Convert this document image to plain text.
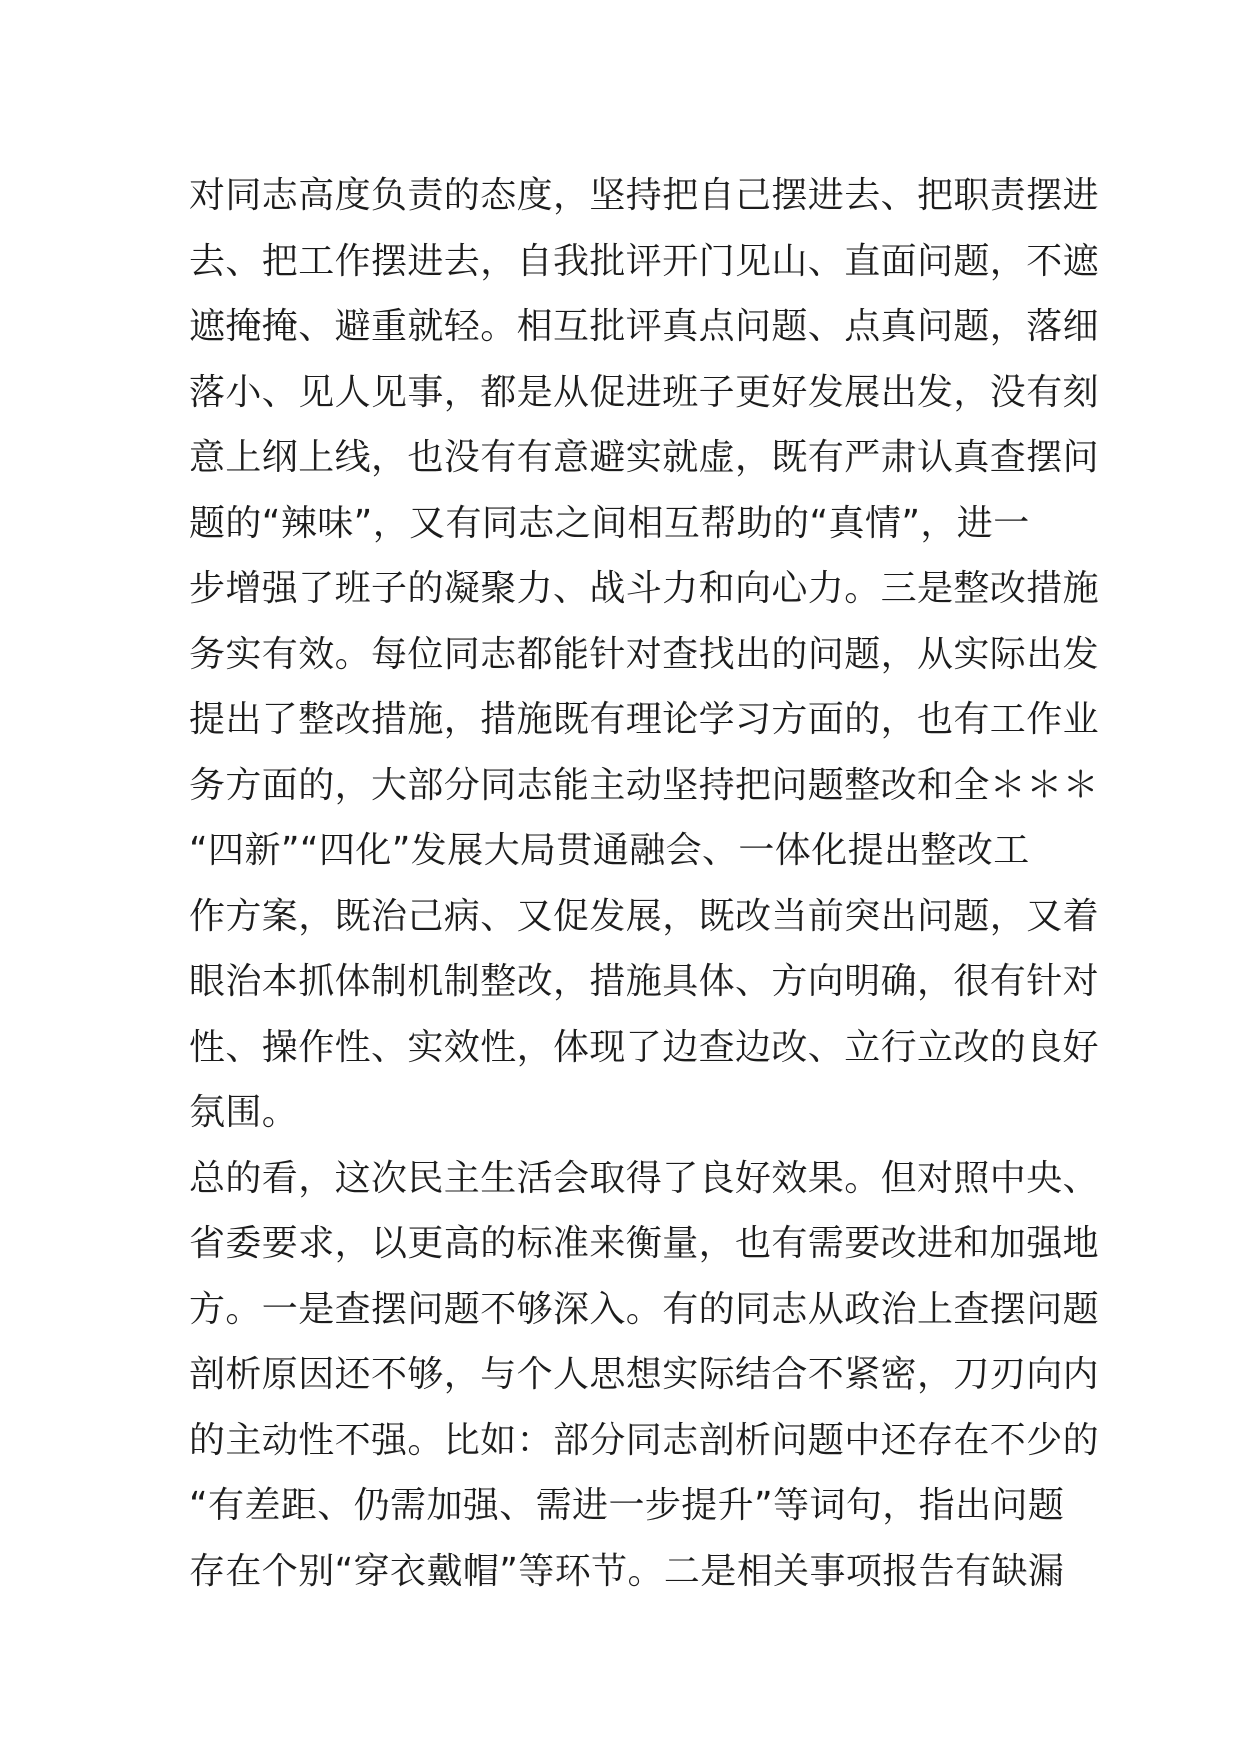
对同志高度负责的态度，坚持把自己摆进去、把职责摆进
去、把工作摆进去，自我批评开门见山、直面问题，不遮
遮掩掩、避重就轻。相互批评真点问题、点真问题，落细
落小、见人见事，都是从促进班子更好发展出发，没有刻
意上纲上线，也没有有意避实就虚，既有严肃认真查摆问
题的“辣味”，又有同志之间相互帮助的“真情”，进一
步增强了班子的凝聚力、战斗力和向心力。三是整改措施
务实有效。每位同志都能针对查找出的问题，从实际出发
提出了整改措施，措施既有理论学习方面的，也有工作业
务方面的，大部分同志能主动坚持把问题整改和全＊＊＊
“四新”“四化”发展大局贯通融会、一体化提出整改工
作方案，既治己病、又促发展，既改当前突出问题，又着
眼治本抓体制机制整改，措施具体、方向明确，很有针对
性、操作性、实效性，体现了边查边改、立行立改的良好
氛围。
总的看，这次民主生活会取得了良好效果。但对照中央、
省委要求，以更高的标准来衡量，也有需要改进和加强地
方。一是查摆问题不够深入。有的同志从政治上查摆问题
剖析原因还不够，与个人思想实际结合不紧密，刀刃向内
的主动性不强。比如：部分同志剖析问题中还存在不少的
“有差距、仍需加强、需进一步提升”等词句，指出问题
存在个别“穿衣戴帽”等环节。二是相关事项报告有缺漏
